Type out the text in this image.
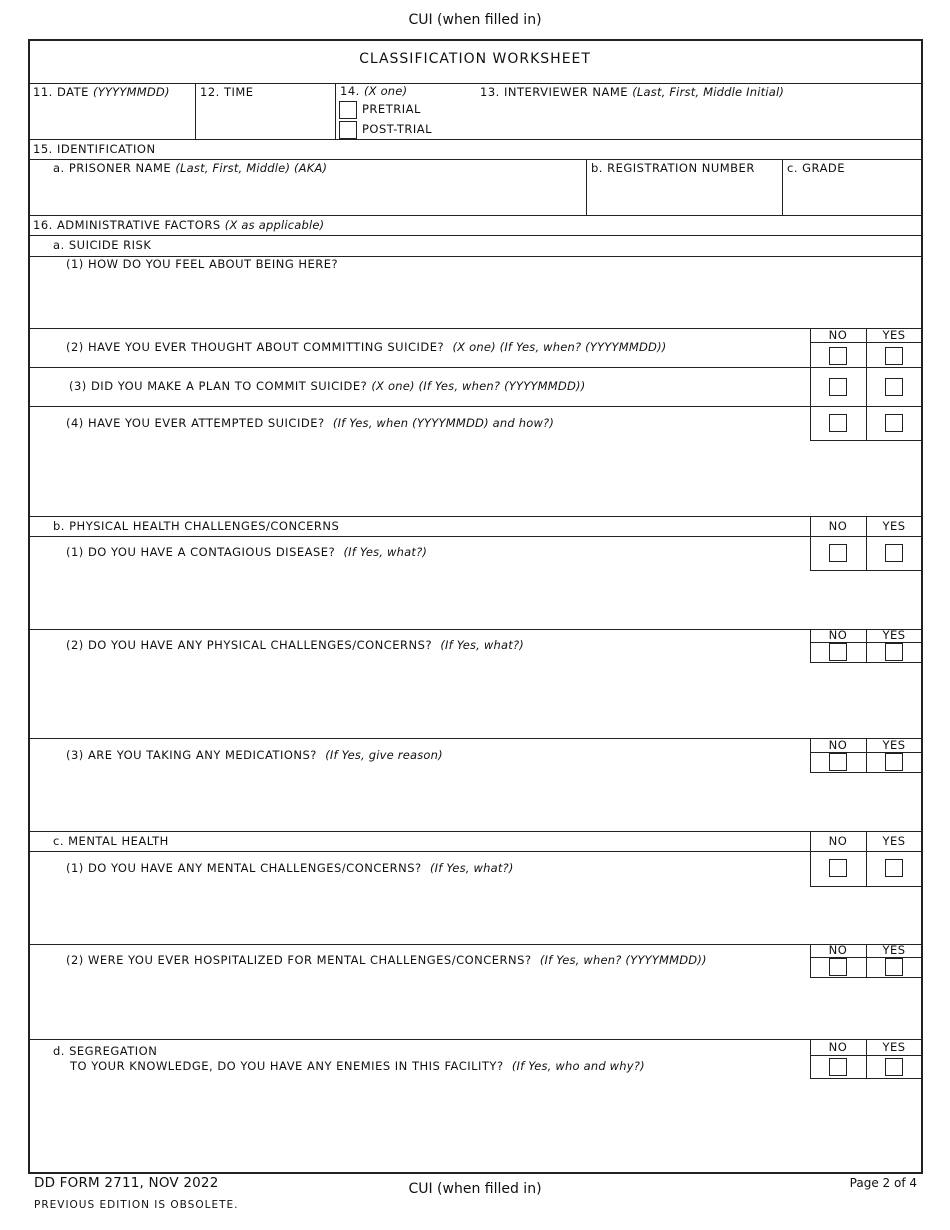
CUI (when filled in)
CLASSIFICATION WORKSHEET
11. DATE (YYYYMMDD)	12. TIME	14. (X one)
PRETRIAL
POST-TRIAL
13. INTERVIEWER NAME (Last, First, Middle Initial)
15. IDENTIFICATION
a. PRISONER NAME (Last, First, Middle) (AKA)	b. REGISTRATION NUMBER	c. GRADE
16. ADMINISTRATIVE FACTORS (X as applicable)
a. SUICIDE RISK
(1) HOW DO YOU FEEL ABOUT BEING HERE?
NO	YES
(2) HAVE YOU EVER THOUGHT ABOUT COMMITTING SUICIDE? (X one) (If Yes, when? (YYYYMMDD))
(3) DID YOU MAKE A PLAN TO COMMIT SUICIDE? (X one) (If Yes, when? (YYYYMMDD))
(4) HAVE YOU EVER ATTEMPTED SUICIDE? (If Yes, when (YYYYMMDD) and how?)
b. PHYSICAL HEALTH CHALLENGES/CONCERNS	NO	YES
(1) DO YOU HAVE A CONTAGIOUS DISEASE? (If Yes, what?)
NO	YES
(2) DO YOU HAVE ANY PHYSICAL CHALLENGES/CONCERNS? (If Yes, what?)
NO	YES
(3) ARE YOU TAKING ANY MEDICATIONS? (If Yes, give reason)
c. MENTAL HEALTH	NO	YES
(1) DO YOU HAVE ANY MENTAL CHALLENGES/CONCERNS? (If Yes, what?)
NO	YES
(2) WERE YOU EVER HOSPITALIZED FOR MENTAL CHALLENGES/CONCERNS? (If Yes, when? (YYYYMMDD))
d. SEGREGATION	NO	YES
TO YOUR KNOWLEDGE, DO YOU HAVE ANY ENEMIES IN THIS FACILITY? (If Yes, who and why?)
DD FORM 2711, NOV 2022
PREVIOUS EDITION IS OBSOLETE.
CUI (when filled in)	Page 2 of 4
